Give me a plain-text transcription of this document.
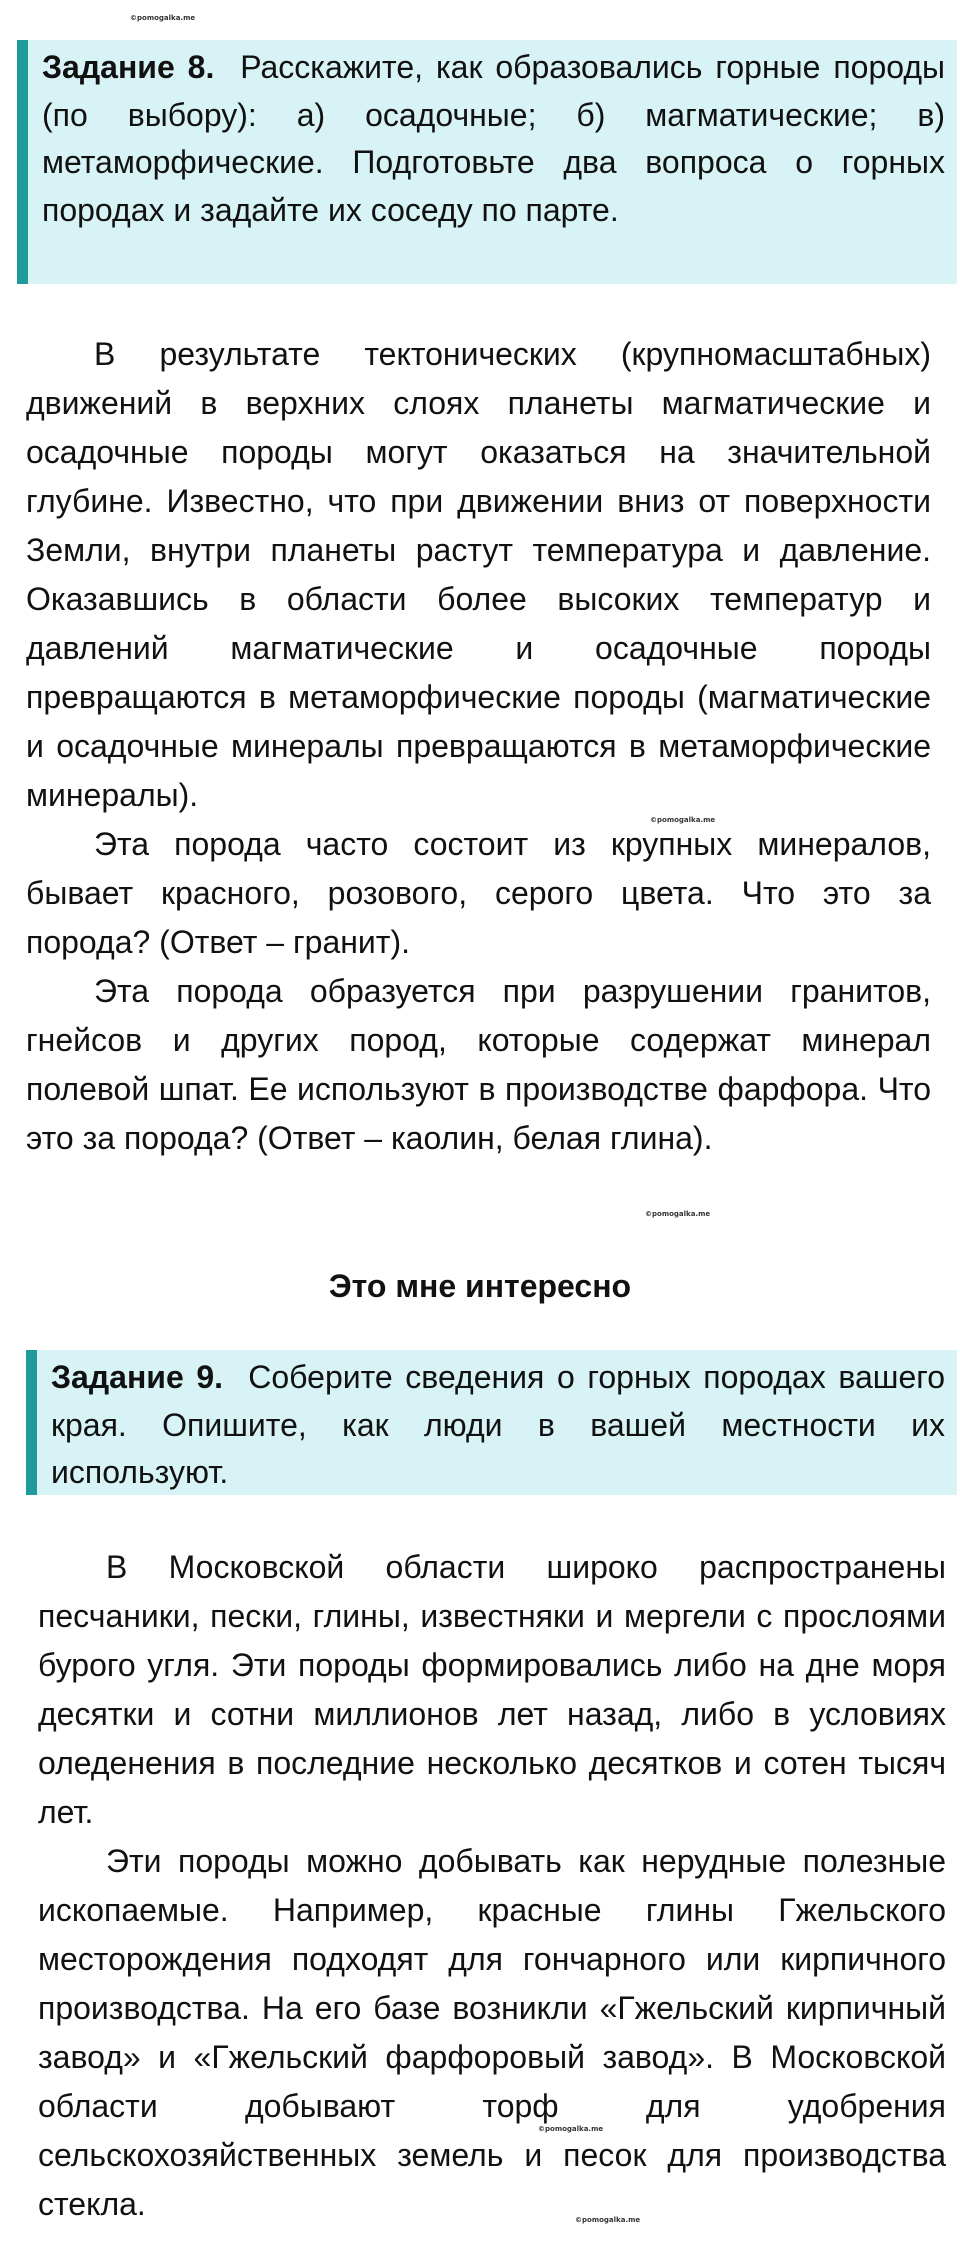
©pomogalka.me
Задание 8. Расскажите, как образовались горные породы (по выбору): а) осадочные; б) магматические; в) метаморфические. Подготовьте два вопроса о горных породах и задайте их соседу по парте.

В результате тектонических (крупномасштабных) движений в верхних слоях планеты магматические и осадочные породы могут оказаться на значительной глубине. Известно, что при движении вниз от поверхности Земли, внутри планеты растут температура и давление. Оказавшись в области более высоких температур и давлений магматические и осадочные породы превращаются в метаморфические породы (магматические и осадочные минералы превращаются в метаморфические минералы).

Эта порода часто состоит из крупных минералов, бывает красного, розового, серого цвета. Что это за порода? (Ответ – гранит).

Эта порода образуется при разрушении гранитов, гнейсов и других пород, которые содержат минерал полевой шпат. Ее используют в производстве фарфора. Что это за порода? (Ответ – каолин, белая глина).

©pomogalka.me
©pomogalka.me
Это мне интересно
Задание 9. Соберите сведения о горных породах вашего края. Опишите, как люди в вашей местности их используют.

В Московской области широко распространены песчаники, пески, глины, известняки и мергели с прослоями бурого угля. Эти породы формировались либо на дне моря десятки и сотни миллионов лет назад, либо в условиях оледенения в последние несколько десятков и сотен тысяч лет.

Эти породы можно добывать как нерудные полезные ископаемые. Например, красные глины Гжельского месторождения подходят для гончарного или кирпичного производства. На его базе возникли «Гжельский кирпичный завод» и «Гжельский фарфоровый завод». В Московской области добывают торф для удобрения сельскохозяйственных земель и песок для производства стекла.

©pomogalka.me
©pomogalka.me
